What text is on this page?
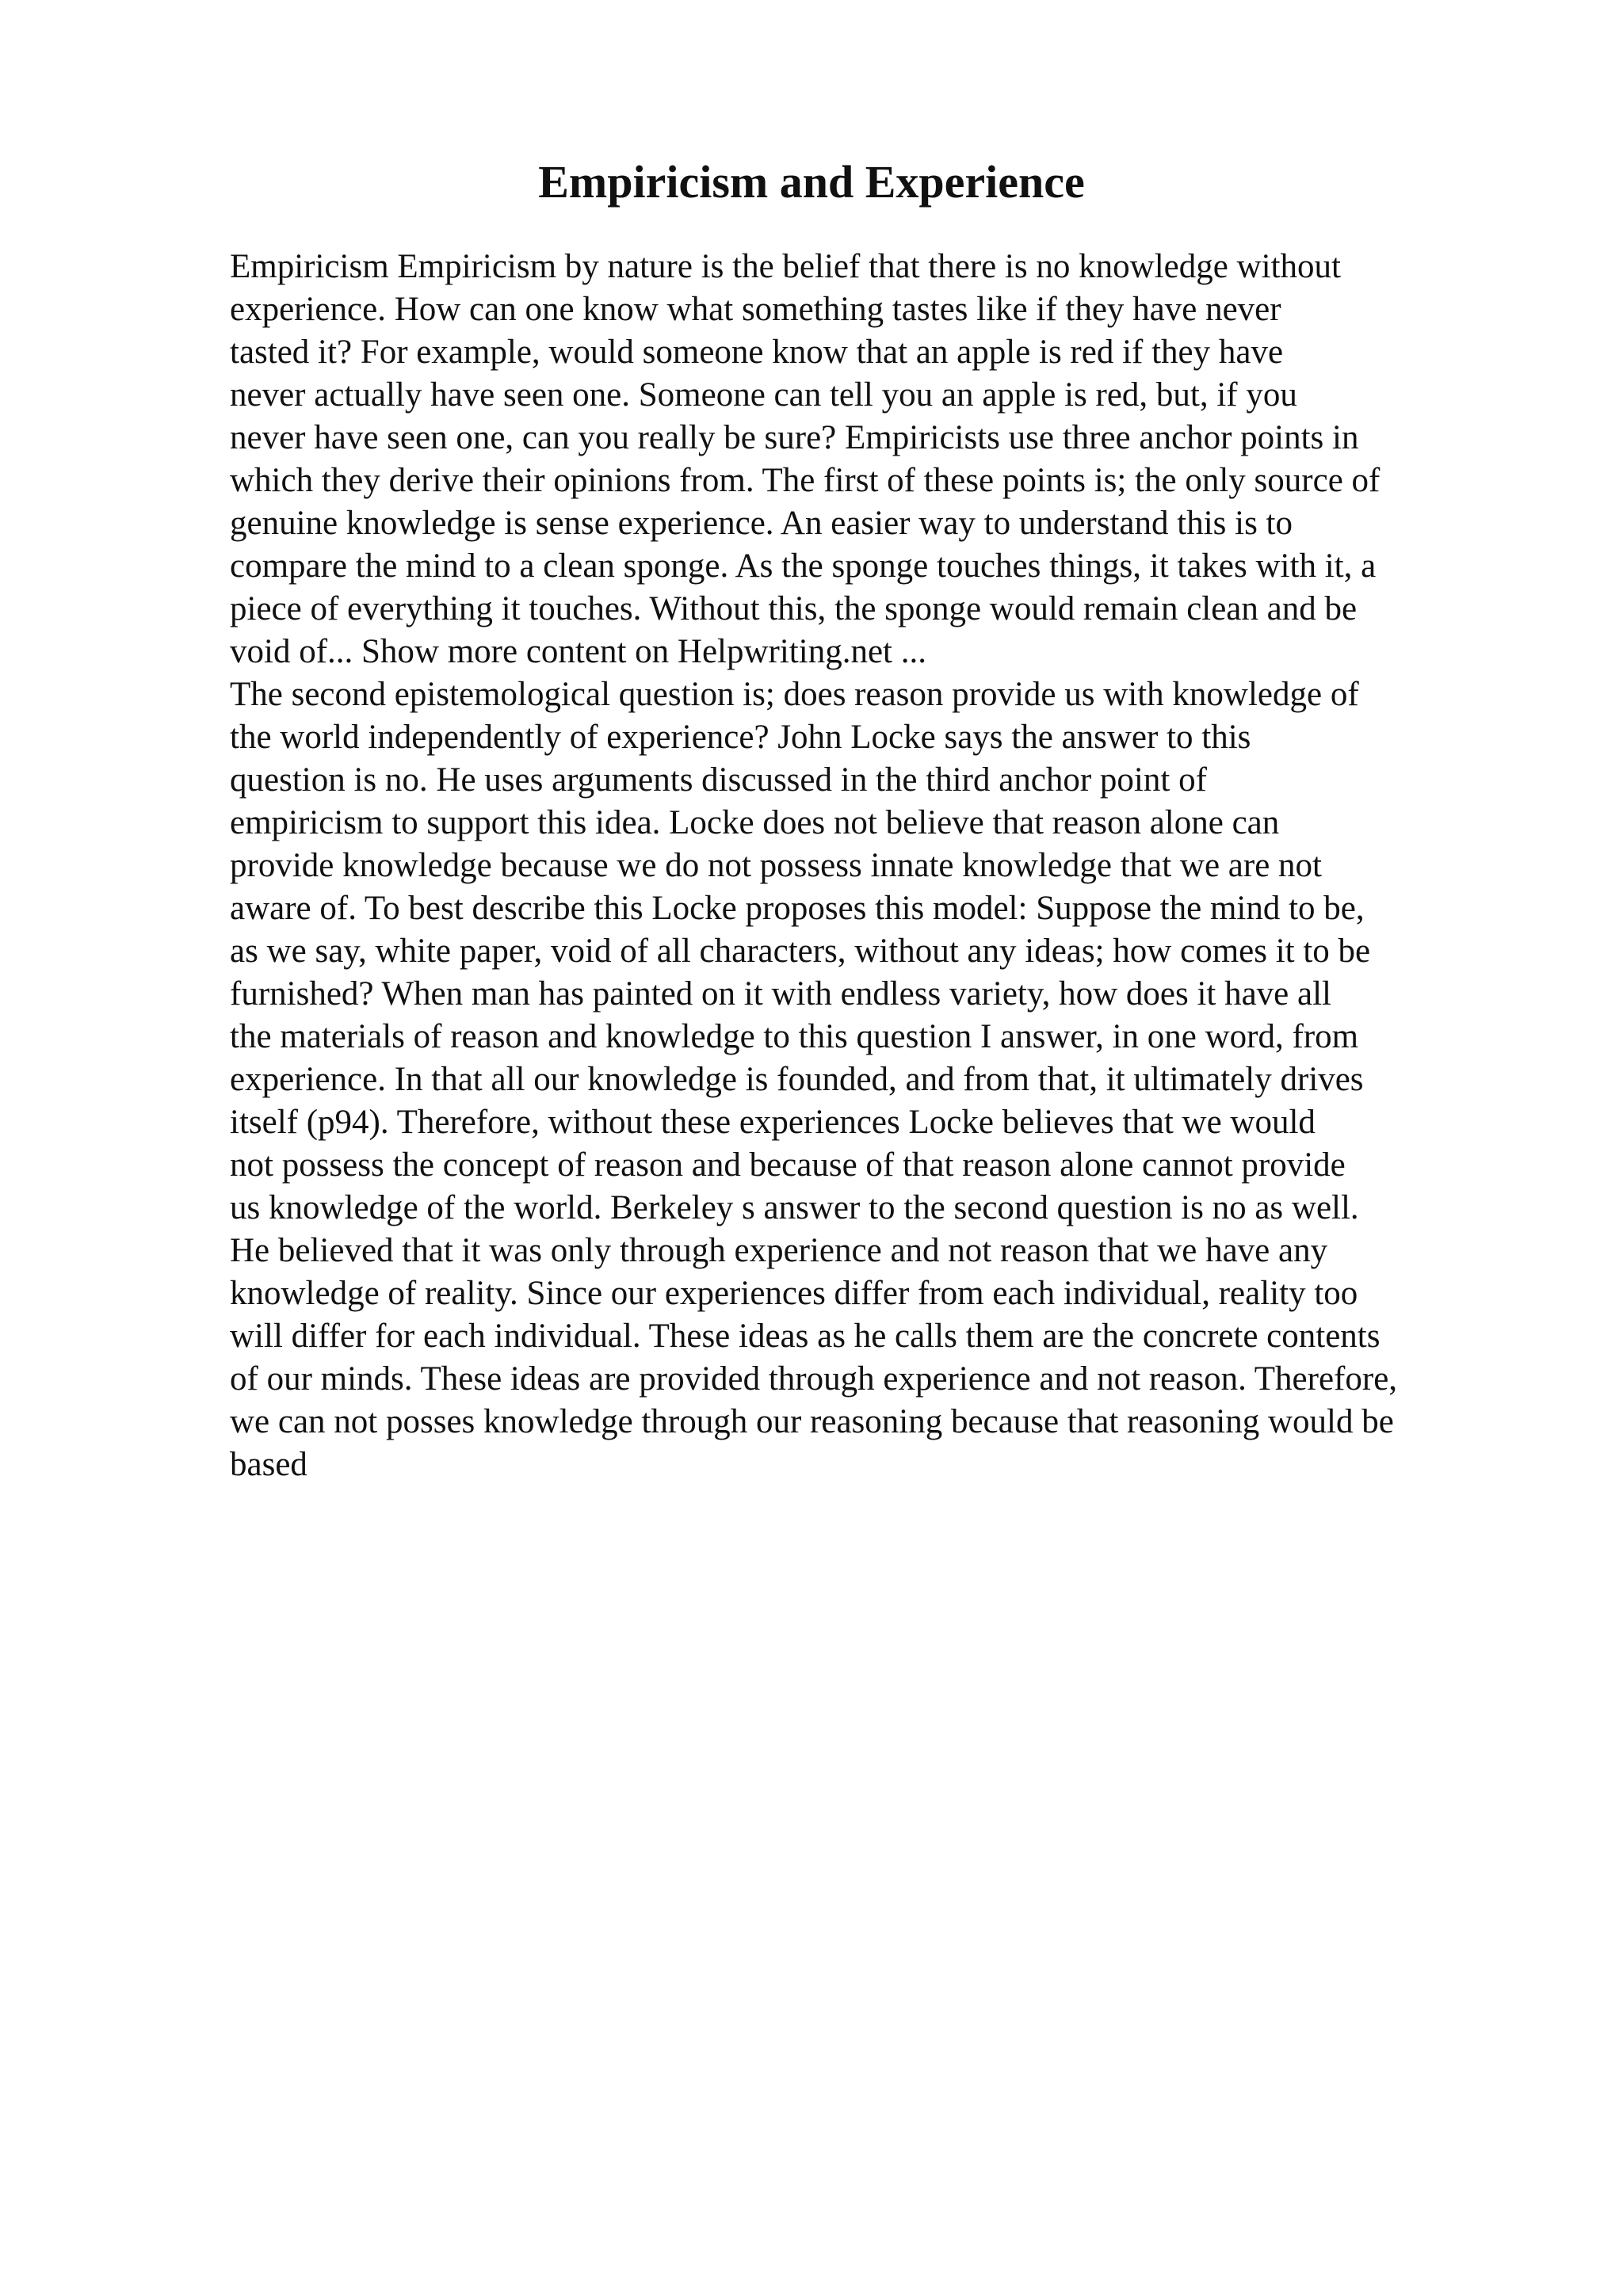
Empiricism and Experience
Empiricism Empiricism by nature is the belief that there is no knowledge without
experience. How can one know what something tastes like if they have never
tasted it? For example, would someone know that an apple is red if they have
never actually have seen one. Someone can tell you an apple is red, but, if you
never have seen one, can you really be sure? Empiricists use three anchor points in
which they derive their opinions from. The first of these points is; the only source of
genuine knowledge is sense experience. An easier way to understand this is to
compare the mind to a clean sponge. As the sponge touches things, it takes with it, a
piece of everything it touches. Without this, the sponge would remain clean and be
void of... Show more content on Helpwriting.net ...
The second epistemological question is; does reason provide us with knowledge of
the world independently of experience? John Locke says the answer to this
question is no. He uses arguments discussed in the third anchor point of
empiricism to support this idea. Locke does not believe that reason alone can
provide knowledge because we do not possess innate knowledge that we are not
aware of. To best describe this Locke proposes this model: Suppose the mind to be,
as we say, white paper, void of all characters, without any ideas; how comes it to be
furnished? When man has painted on it with endless variety, how does it have all
the materials of reason and knowledge to this question I answer, in one word, from
experience. In that all our knowledge is founded, and from that, it ultimately drives
itself (p94). Therefore, without these experiences Locke believes that we would
not possess the concept of reason and because of that reason alone cannot provide
us knowledge of the world. Berkeley s answer to the second question is no as well.
He believed that it was only through experience and not reason that we have any
knowledge of reality. Since our experiences differ from each individual, reality too
will differ for each individual. These ideas as he calls them are the concrete contents
of our minds. These ideas are provided through experience and not reason. Therefore,
we can not posses knowledge through our reasoning because that reasoning would be
based
